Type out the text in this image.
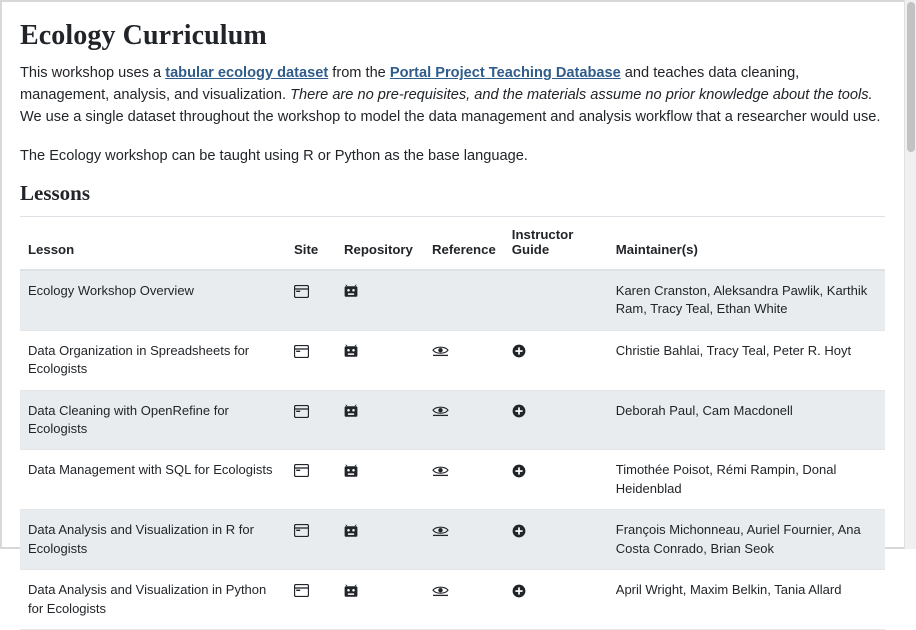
Ecology Curriculum

This workshop uses a tabular ecology dataset from the Portal Project Teaching Database and teaches data cleaning, management, analysis, and visualization. There are no pre-requisites, and the materials assume no prior knowledge about the tools. We use a single dataset throughout the workshop to model the data management and analysis workflow that a researcher would use.

The Ecology workshop can be taught using R or Python as the base language.

Lessons
Lesson	Site	Repository	Reference	Instructor Guide	Maintainer(s)
Ecology Workshop Overview					Karen Cranston, Aleksandra Pawlik, Karthik Ram, Tracy Teal, Ethan White
Data Organization in Spreadsheets for Ecologists					Christie Bahlai, Tracy Teal, Peter R. Hoyt
Data Cleaning with OpenRefine for Ecologists					Deborah Paul, Cam Macdonell
Data Management with SQL for Ecologists					Timothée Poisot, Rémi Rampin, Donal Heidenblad
Data Analysis and Visualization in R for Ecologists					François Michonneau, Auriel Fournier, Ana Costa Conrado, Brian Seok
Data Analysis and Visualization in Python for Ecologists					April Wright, Maxim Belkin, Tania Allard
